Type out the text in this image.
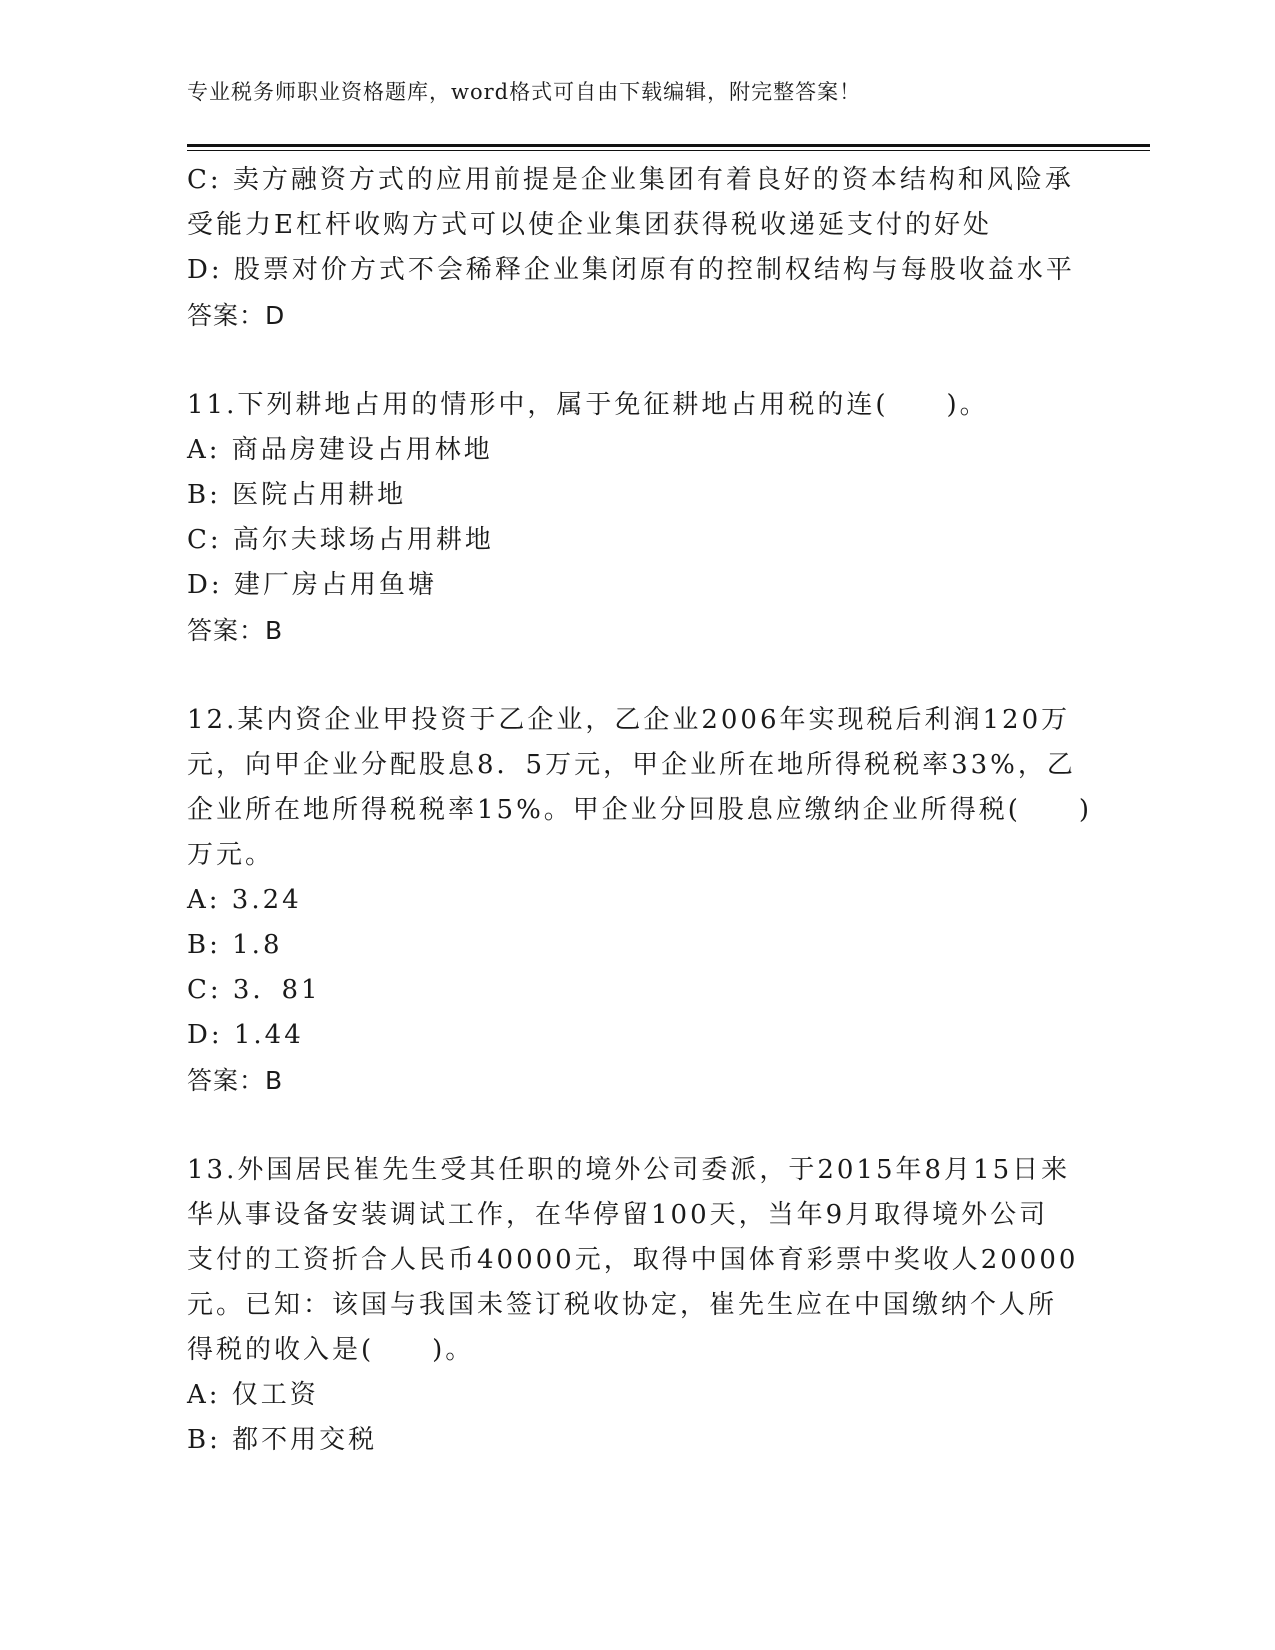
专业税务师职业资格题库，word格式可自由下载编辑，附完整答案！
C: 卖方融资方式的应用前提是企业集团有着良好的资本结构和风险承
受能力E杠杆收购方式可以使企业集团获得税收递延支付的好处
D: 股票对价方式不会稀释企业集闭原有的控制权结构与每股收益水平
答案：D
11.下列耕地占用的情形中，属于免征耕地占用税的连(　　)。
A: 商品房建设占用林地
B: 医院占用耕地
C: 高尔夫球场占用耕地
D: 建厂房占用鱼塘
答案：B
12.某内资企业甲投资于乙企业，乙企业2006年实现税后利润120万
元，向甲企业分配股息8．5万元，甲企业所在地所得税税率33%，乙
企业所在地所得税税率15%。甲企业分回股息应缴纳企业所得税(　　)
万元。
A: 3.24
B: 1.8
C: 3．81
D: 1.44
答案：B
13.外国居民崔先生受其任职的境外公司委派，于2015年8月15日来
华从事设备安装调试工作，在华停留100天，当年9月取得境外公司
支付的工资折合人民币40000元，取得中国体育彩票中奖收人20000
元。已知：该国与我国未签订税收协定，崔先生应在中国缴纳个人所
得税的收入是(　　)。
A: 仅工资
B: 都不用交税
